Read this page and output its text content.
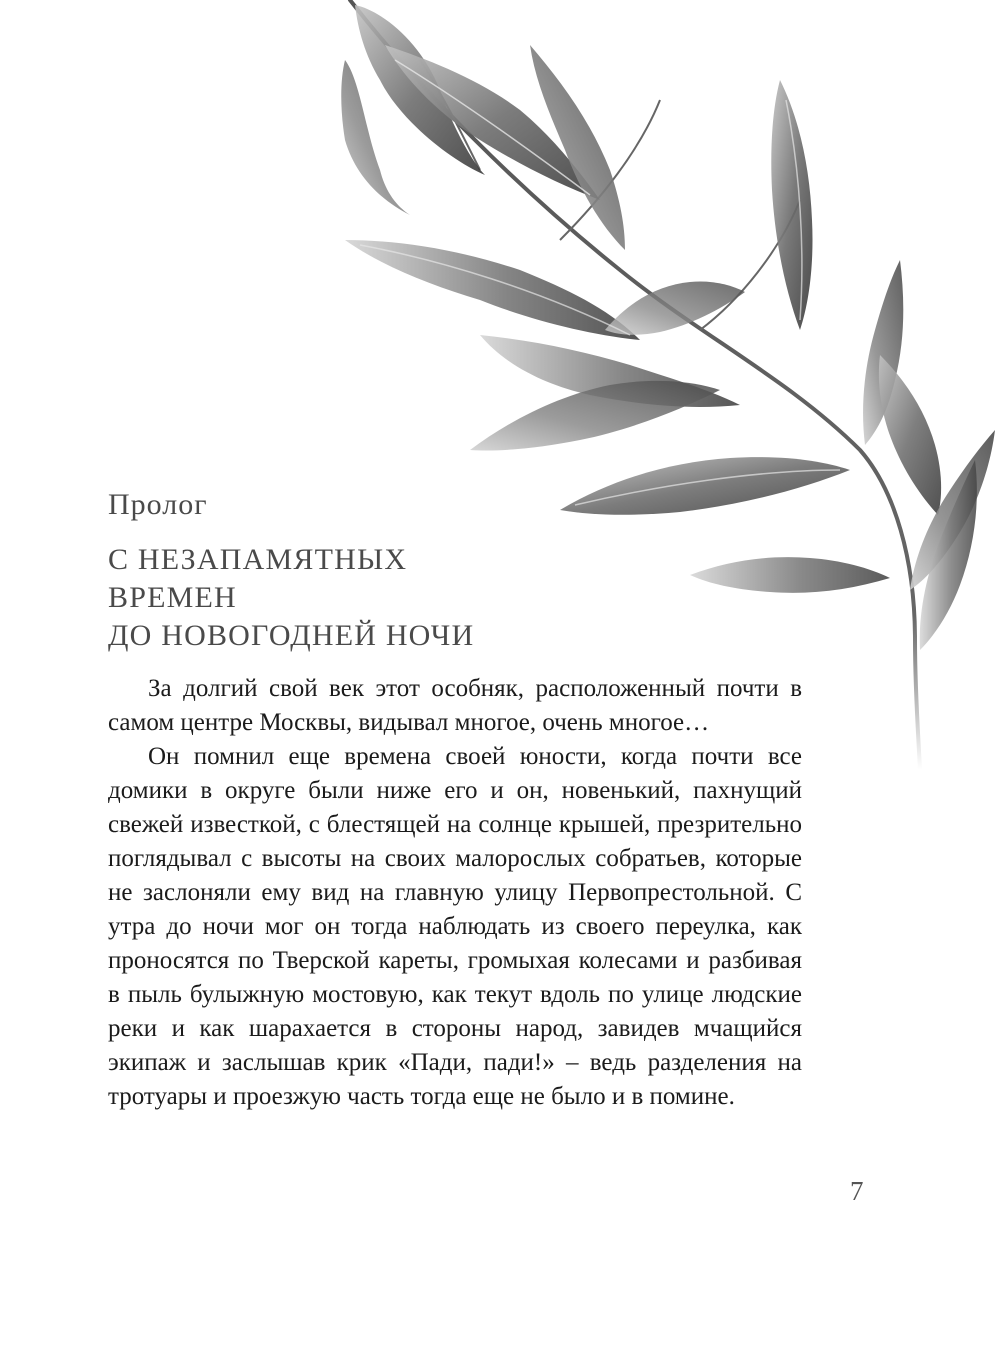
Пролог
С НЕЗАПАМЯТНЫХ
ВРЕМЕН
ДО НОВОГОДНЕЙ НОЧИ

За долгий свой век этот особняк, расположенный почти в самом центре Москвы, видывал многое, очень многое…

Он помнил еще времена своей юности, когда почти все домики в округе были ниже его и он, новенький, пахнущий свежей известкой, с блестящей на солнце крышей, презрительно поглядывал с высоты на своих малорослых собратьев, которые не заслоняли ему вид на главную улицу Первопрестольной. С утра до ночи мог он тогда наблюдать из своего переулка, как проносятся по Тверской кареты, громыхая колесами и разбивая в пыль булыжную мостовую, как текут вдоль по улице людские реки и как шарахается в стороны народ, завидев мчащийся экипаж и заслышав крик «Пади, пади!» – ведь разделения на тротуары и проезжую часть тогда еще не было и в помине.

7
